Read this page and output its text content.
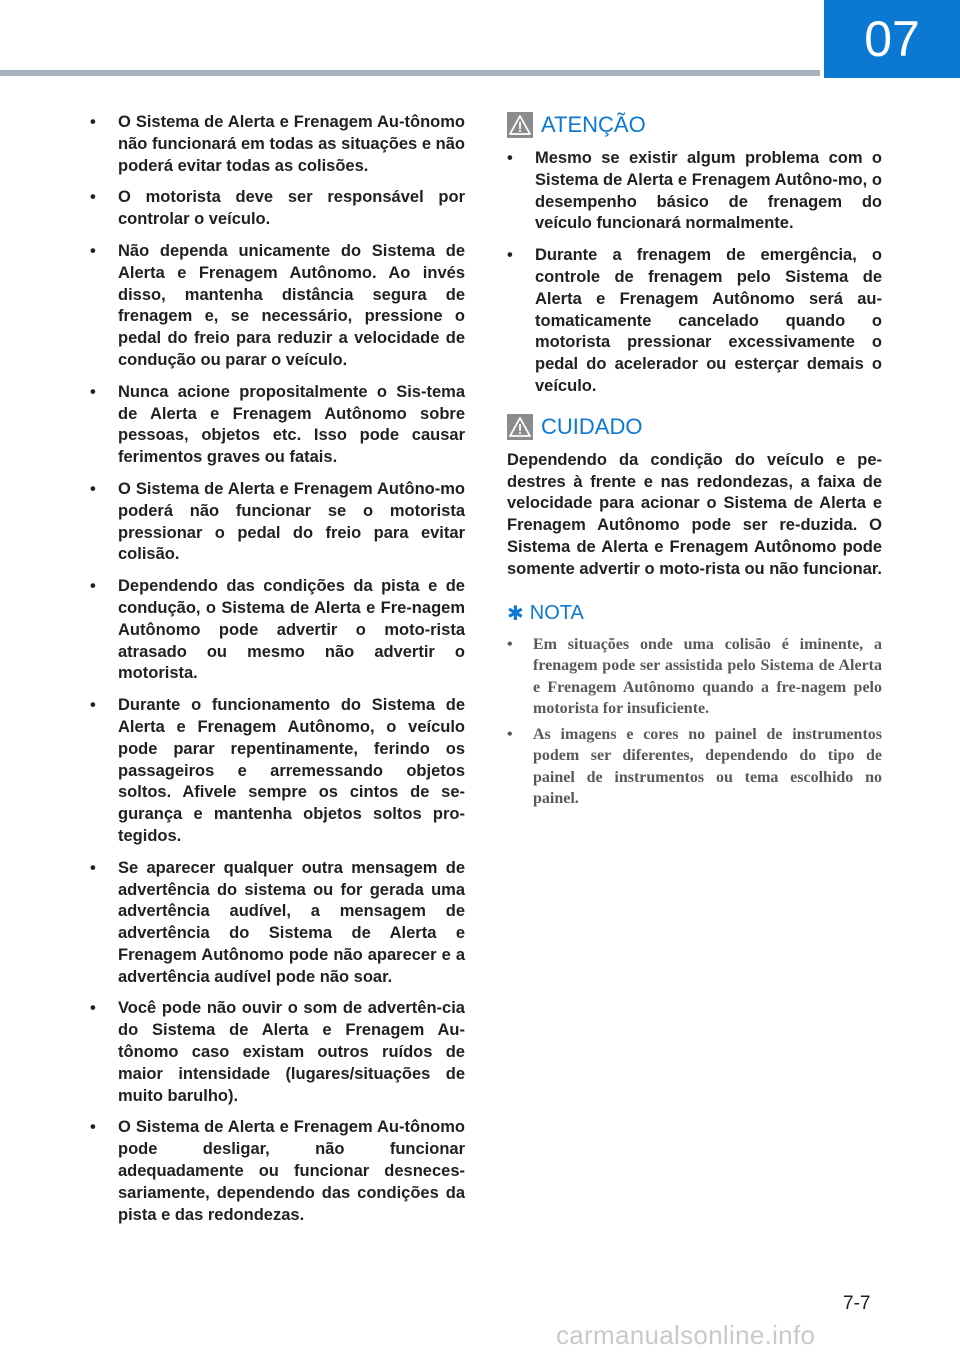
07
• O Sistema de Alerta e Frenagem Au-tônomo não funcionará em todas as situações e não poderá evitar todas as colisões.
• O motorista deve ser responsável por controlar o veículo.
• Não dependa unicamente do Sistema de Alerta e Frenagem Autônomo. Ao invés disso, mantenha distância segura de frenagem e, se necessário, pressione o pedal do freio para reduzir a velocidade de condução ou parar o veículo.
• Nunca acione propositalmente o Sis-tema de Alerta e Frenagem Autônomo sobre pessoas, objetos etc. Isso pode causar ferimentos graves ou fatais.
• O Sistema de Alerta e Frenagem Autôno-mo poderá não funcionar se o motorista pressionar o pedal do freio para evitar colisão.
• Dependendo das condições da pista e de condução, o Sistema de Alerta e Fre-nagem Autônomo pode advertir o moto-rista atrasado ou mesmo não advertir o motorista.
• Durante o funcionamento do Sistema de Alerta e Frenagem Autônomo, o veículo pode parar repentinamente, ferindo os passageiros e arremessando objetos soltos. Afivele sempre os cintos de se-gurança e mantenha objetos soltos pro-tegidos.
• Se aparecer qualquer outra mensagem de advertência do sistema ou for gerada uma advertência audível, a mensagem de advertência do Sistema de Alerta e Frenagem Autônomo pode não aparecer e a advertência audível pode não soar.
• Você pode não ouvir o som de advertên-cia do Sistema de Alerta e Frenagem Au-tônomo caso existam outros ruídos de maior intensidade (lugares/situações de muito barulho).
• O Sistema de Alerta e Frenagem Au-tônomo pode desligar, não funcionar adequadamente ou funcionar desneces-sariamente, dependendo das condições da pista e das redondezas.
ATENÇÃO
• Mesmo se existir algum problema com o Sistema de Alerta e Frenagem Autôno-mo, o desempenho básico de frenagem do veículo funcionará normalmente.
• Durante a frenagem de emergência, o controle de frenagem pelo Sistema de Alerta e Frenagem Autônomo será au-tomaticamente cancelado quando o motorista pressionar excessivamente o pedal do acelerador ou esterçar demais o veículo.
CUIDADO

Dependendo da condição do veículo e pe-destres à frente e nas redondezas, a faixa de velocidade para acionar o Sistema de Alerta e Frenagem Autônomo pode ser re-duzida. O Sistema de Alerta e Frenagem Autônomo pode somente advertir o moto-rista ou não funcionar.

✱ NOTA
• Em situações onde uma colisão é iminente, a frenagem pode ser assistida pelo Sistema de Alerta e Frenagem Autônomo quando a fre-nagem pelo motorista for insuficiente.
• As imagens e cores no painel de instrumentos podem ser diferentes, dependendo do tipo de painel de instrumentos ou tema escolhido no painel.
7-7
carmanualsonline.info
